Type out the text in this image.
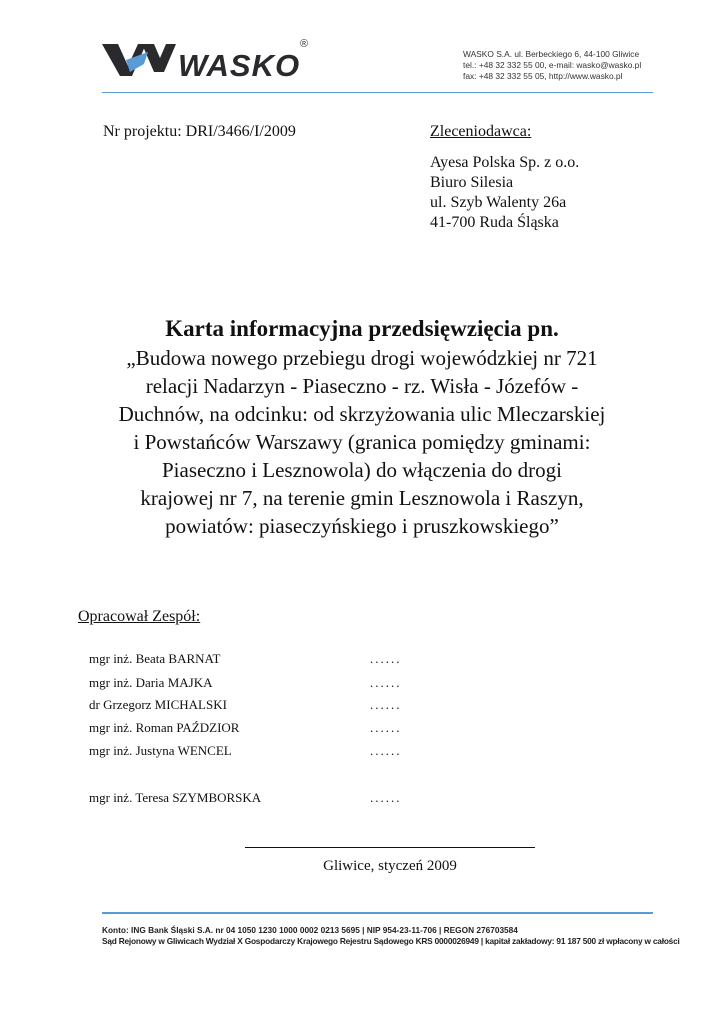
WASKO
®
WASKO S.A. ul. Berbeckiego 6, 44-100 Gliwice
tel.: +48 32 332 55 00, e-mail: wasko@wasko.pl
fax: +48 32 332 55 05, http://www.wasko.pl
Nr projektu: DRI/3466/I/2009	Zleceniodawca:
Ayesa Polska Sp. z o.o.
Biuro Silesia
ul. Szyb Walenty 26a
41-700 Ruda Śląska
Karta informacyjna przedsięwzięcia pn.
„Budowa nowego przebiegu drogi wojewódzkiej nr 721
relacji Nadarzyn - Piaseczno - rz. Wisła - Józefów -
Duchnów, na odcinku: od skrzyżowania ulic Mleczarskiej
i Powstańców Warszawy (granica pomiędzy gminami:
Piaseczno i Lesznowola) do włączenia do drogi
krajowej nr 7, na terenie gmin Lesznowola i Raszyn,
powiatów: piaseczyńskiego i pruszkowskiego”
Opracował Zespół:
mgr inż. Beata BARNAT	......
mgr inż. Daria MAJKA	......
dr Grzegorz MICHALSKI	......
mgr inż. Roman PAŹDZIOR	......
mgr inż. Justyna WENCEL	......
mgr inż. Teresa SZYMBORSKA	......
Gliwice, styczeń 2009
Konto: ING Bank Śląski S.A. nr 04 1050 1230 1000 0002 0213 5695 | NIP 954-23-11-706 | REGON 276703584
Sąd Rejonowy w Gliwicach Wydział X Gospodarczy Krajowego Rejestru Sądowego KRS 0000026949 | kapitał zakładowy: 91 187 500 zł wpłacony w całości
